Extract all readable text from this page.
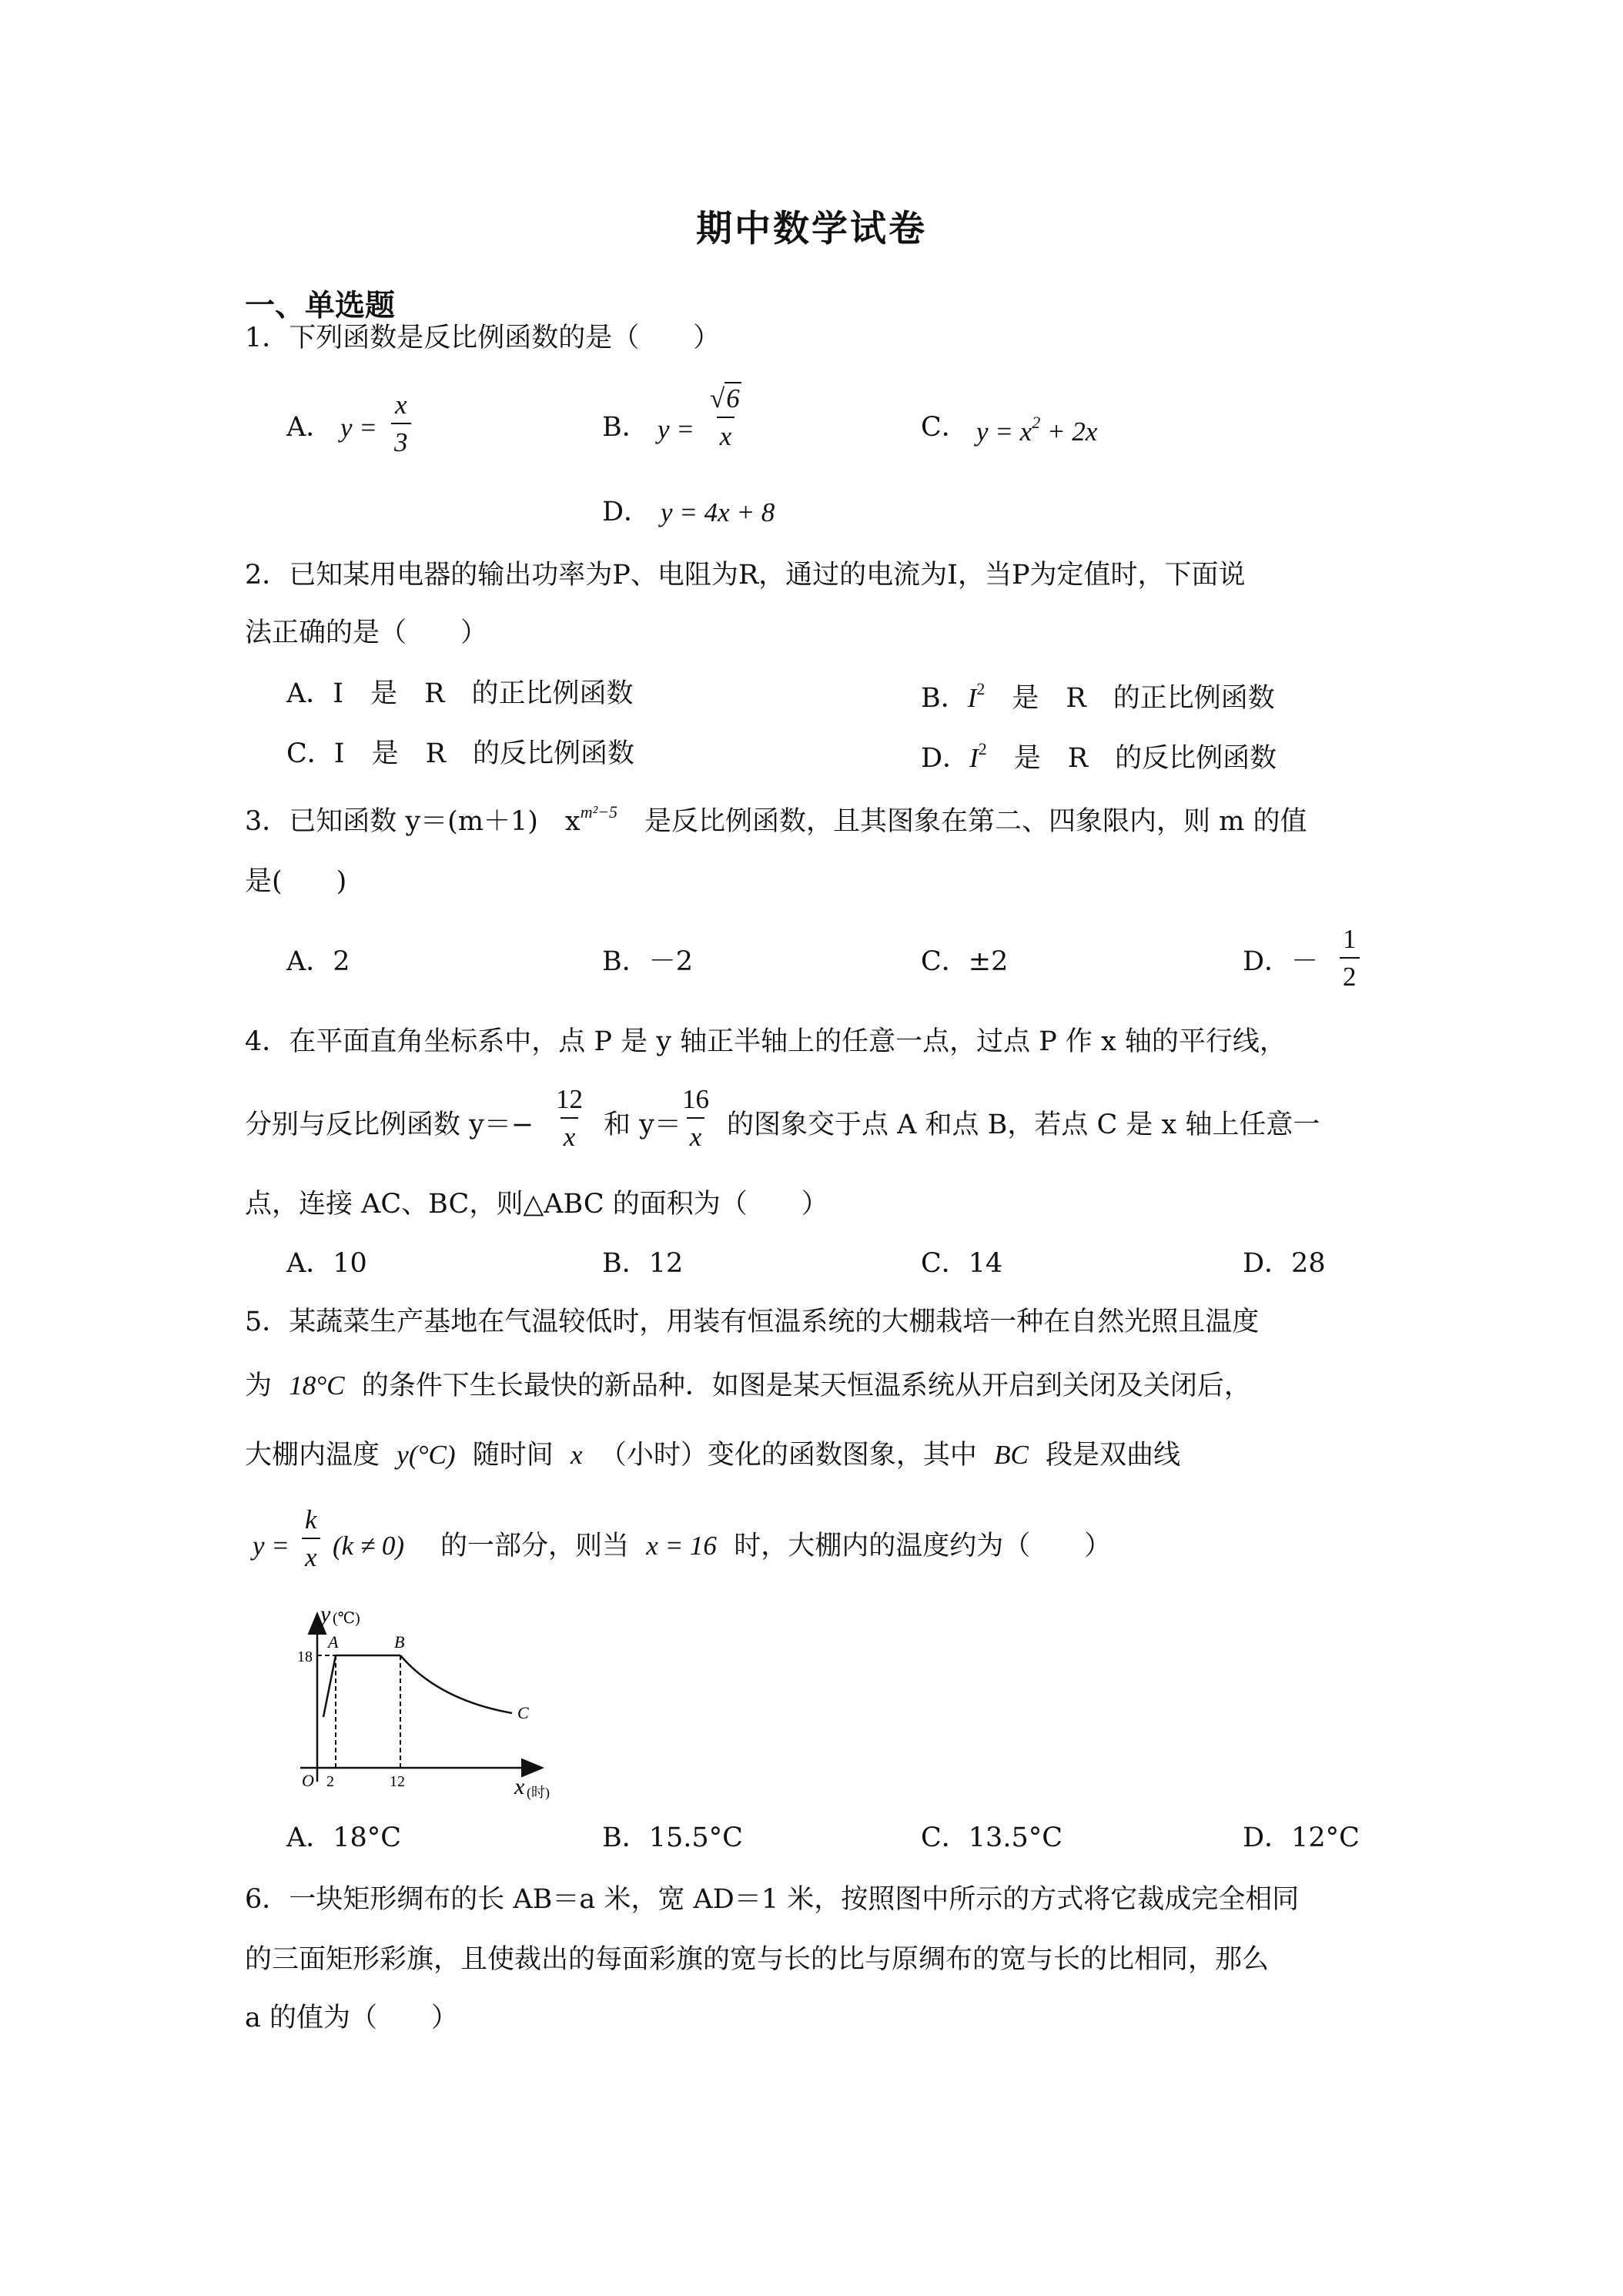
期中数学试卷
一、单选题
1．下列函数是反比例函数的是（　　）
A． $y = \frac{x}{3}$	B． $y = \frac{√6}{x}$	C． $y = x^2 + 2x$
D． y = 4x + 8
2．已知某用电器的输出功率为P、电阻为R，通过的电流为I，当P为定值时，下面说
法正确的是（　　）
A．I　是　R　的正比例函数	B．$I^2$　是　R　的正比例函数
C．I　是　R　的反比例函数	D．$I^2$　是　R　的反比例函数
3．已知函数 y＝(m＋1)　$x^{m^2-5}$　是反比例函数，且其图象在第二、四象限内，则 m 的值
是(　　)
A．2	B．－2	C．±2	D．－ $\frac{1}{2}$
4．在平面直角坐标系中，点 P 是 y 轴正半轴上的任意一点，过点 P 作 x 轴的平行线，
分别与反比例函数 $y=- \frac{12}{x}$ 和 y＝
$\frac{16}{x}$ 的图象交于点 A 和点 B，若点 C 是 x 轴上任意一
点，连接 AC、BC，则△ABC 的面积为（　　）
A．10	B．12	C．14	D．28
5．某蔬菜生产基地在气温较低时，用装有恒温系统的大棚栽培一种在自然光照且温度
为 18°C 的条件下生长最快的新品种．如图是某天恒温系统从开启到关闭及关闭后，
大棚内温度 y(°C) 随时间 x （小时）变化的函数图象，其中 BC 段是双曲线
$y = \frac{k}{x} (k \ne 0)$ 的一部分，则当 x = 16 时，大棚内的温度约为（　　）
y (℃)
x (时)
O
18
2	12
A	B
C
A．18°C	B．15.5°C	C．13.5°C	D．12°C
6．一块矩形绸布的长 AB＝a 米，宽 AD＝1 米，按照图中所示的方式将它裁成完全相同
的三面矩形彩旗，且使裁出的每面彩旗的宽与长的比与原绸布的宽与长的比相同，那么
a 的值为（　　）
